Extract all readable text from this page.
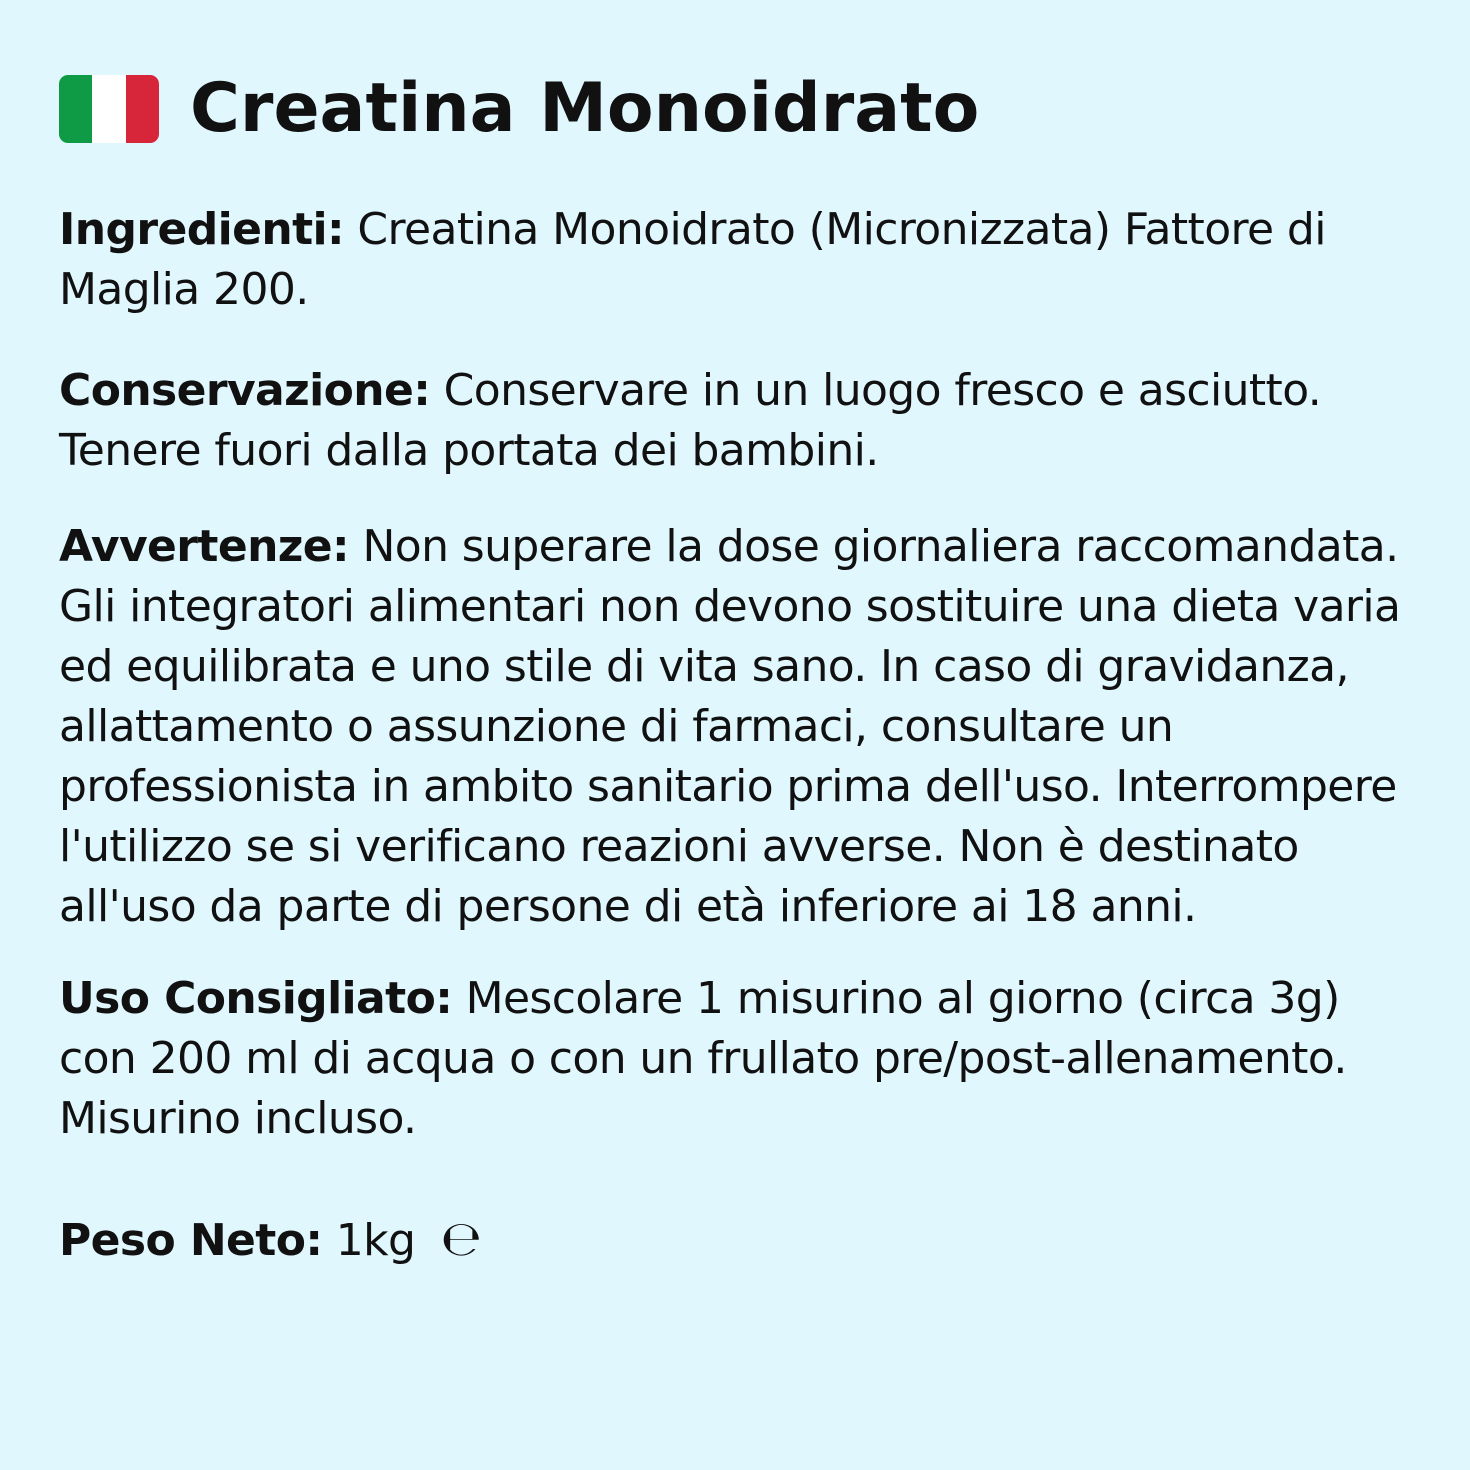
Creatina Monoidrato

Ingredienti: Creatina Monoidrato (Micronizzata) Fattore di Maglia 200.

Conservazione: Conservare in un luogo fresco e asciutto. Tenere fuori dalla portata dei bambini.

Avvertenze: Non superare la dose giornaliera raccomandata. Gli integratori alimentari non devono sostituire una dieta varia ed equilibrata e uno stile di vita sano. In caso di gravidanza, allattamento o assunzione di farmaci, consultare un professionista in ambito sanitario prima dell'uso. Interrompere l'utilizzo se si verificano reazioni avverse. Non è destinato all'uso da parte di persone di età inferiore ai 18 anni.

Uso Consigliato: Mescolare 1 misurino al giorno (circa 3g) con 200 ml di acqua o con un frullato pre/post-allenamento. Misurino incluso.

Peso Neto: 1kg ℮
